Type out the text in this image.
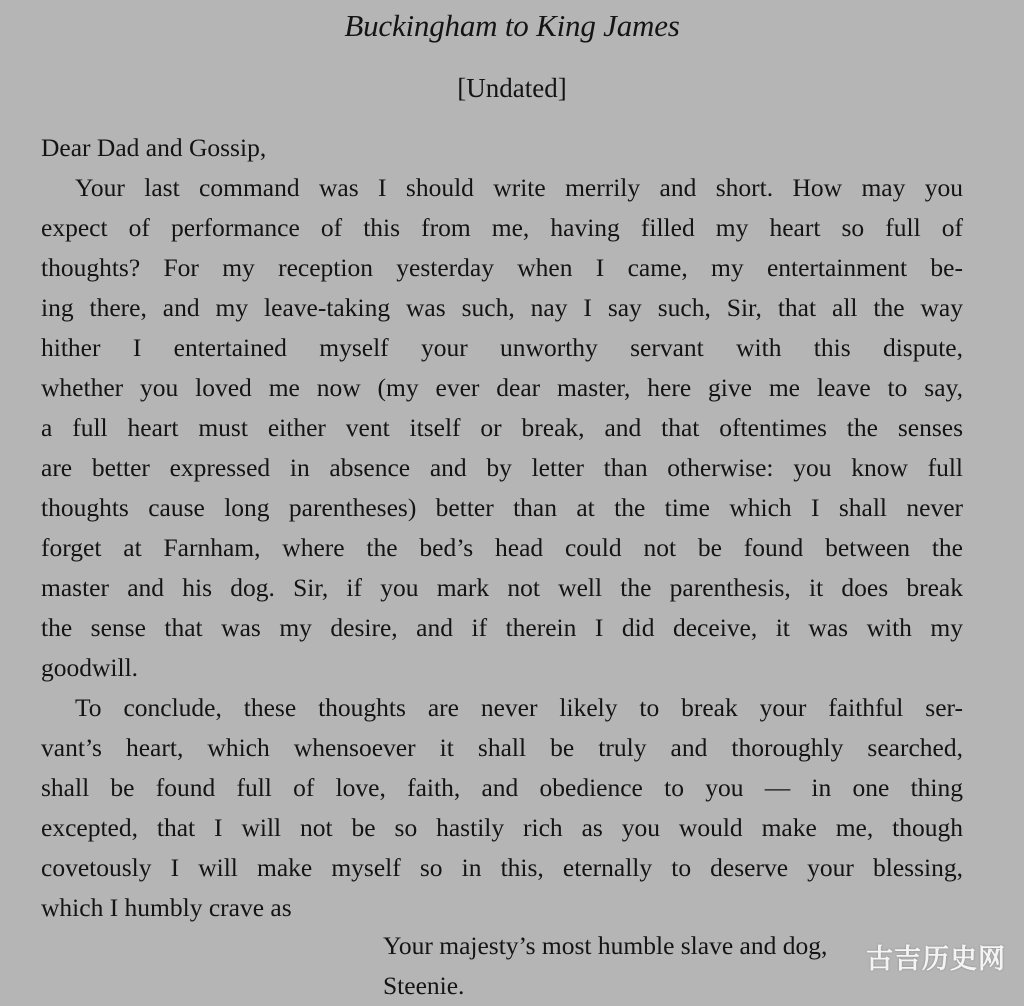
Buckingham to King James
[Undated]
Dear Dad and Gossip,
Your last command was I should write merrily and short. How may you
expect of performance of this from me, having filled my heart so full of
thoughts? For my reception yesterday when I came, my entertainment be-
ing there, and my leave-taking was such, nay I say such, Sir, that all the way
hither I entertained myself your unworthy servant with this dispute,
whether you loved me now (my ever dear master, here give me leave to say,
a full heart must either vent itself or break, and that oftentimes the senses
are better expressed in absence and by letter than otherwise: you know full
thoughts cause long parentheses) better than at the time which I shall never
forget at Farnham, where the bed’s head could not be found between the
master and his dog. Sir, if you mark not well the parenthesis, it does break
the sense that was my desire, and if therein I did deceive, it was with my
goodwill.
To conclude, these thoughts are never likely to break your faithful ser-
vant’s heart, which whensoever it shall be truly and thoroughly searched,
shall be found full of love, faith, and obedience to you — in one thing
excepted, that I will not be so hastily rich as you would make me, though
covetously I will make myself so in this, eternally to deserve your blessing,
which I humbly crave as
Your majesty’s most humble slave and dog,
Steenie.
古吉历史网
